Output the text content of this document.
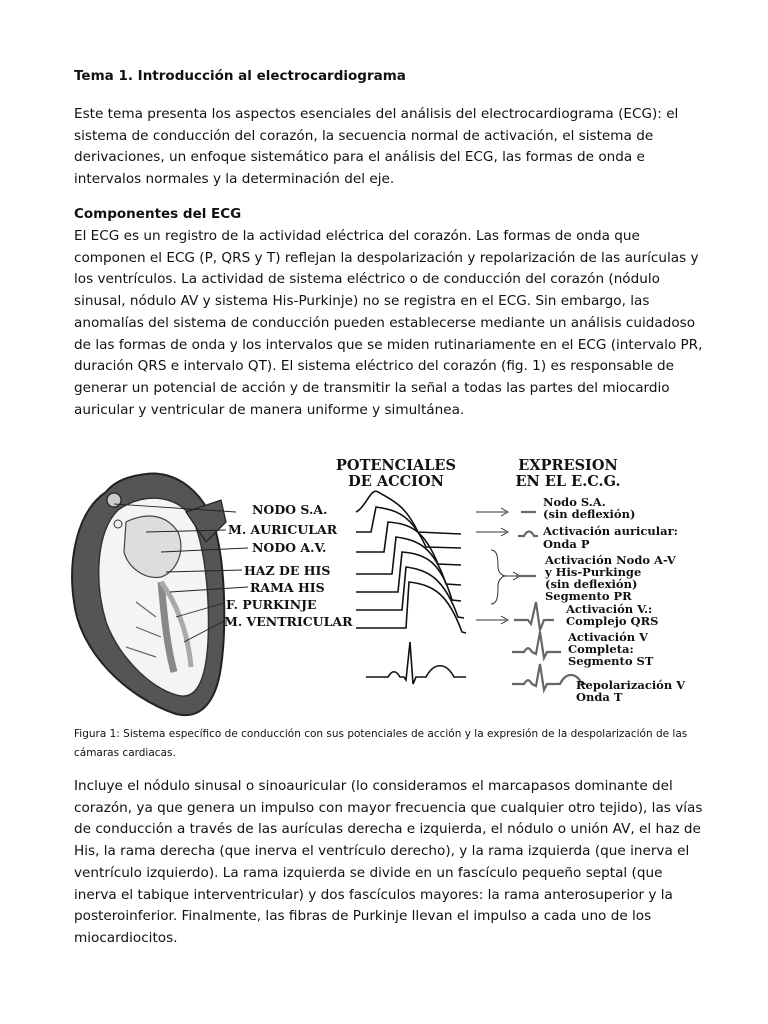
Tema 1. Introducción al electrocardiograma

Este tema presenta los aspectos esenciales del análisis del electrocardiograma (ECG): el sistema de conducción del corazón, la secuencia normal de activación, el sistema de derivaciones, un enfoque sistemático para el análisis del ECG, las formas de onda e intervalos normales y la determinación del eje.

Componentes del ECG

El ECG es un registro de la actividad eléctrica del corazón. Las formas de onda que componen el ECG (P, QRS y T) reflejan la despolarización y repolarización de las aurículas y los ventrículos. La actividad de sistema eléctrico o de conducción del corazón (nódulo sinusal, nódulo AV y sistema His-Purkinje) no se registra en el ECG. Sin embargo, las anomalías del sistema de conducción pueden establecerse mediante un análisis cuidadoso de las formas de onda y los intervalos que se miden rutinariamente en el ECG (intervalo PR, duración QRS e intervalo QT). El sistema eléctrico del corazón (fig. 1) es responsable de generar un potencial de acción y de transmitir la señal a todas las partes del miocardio auricular y ventricular de manera uniforme y simultánea.

NODO S.A.
M. AURICULAR
NODO A.V.
HAZ DE HIS
RAMA HIS
F. PURKINJE
M. VENTRICULAR
POTENCIALES
DE ACCION
EXPRESION
EN EL E.C.G.
Nodo S.A.
(sin deflexión)
Activación auricular:
Onda P
Activación Nodo A-V
y His-Purkinge
(sin deflexión)
Segmento PR
Activación V.:
Complejo QRS
Activación V
Completa:
Segmento ST
Repolarización V
Onda T
Figura 1: Sistema específico de conducción con sus potenciales de acción y la expresión de la despolarización de las cámaras cardiacas.

Incluye el nódulo sinusal o sinoauricular (lo consideramos el marcapasos dominante del corazón, ya que genera un impulso con mayor frecuencia que cualquier otro tejido), las vías de conducción a través de las aurículas derecha e izquierda, el nódulo o unión AV, el haz de His, la rama derecha (que inerva el ventrículo derecho), y la rama izquierda (que inerva el ventrículo izquierdo). La rama izquierda se divide en un fascículo pequeño septal (que inerva el tabique interventricular) y dos fascículos mayores: la rama anterosuperior y la posteroinferior. Finalmente, las fibras de Purkinje llevan el impulso a cada uno de los miocardiocitos.
